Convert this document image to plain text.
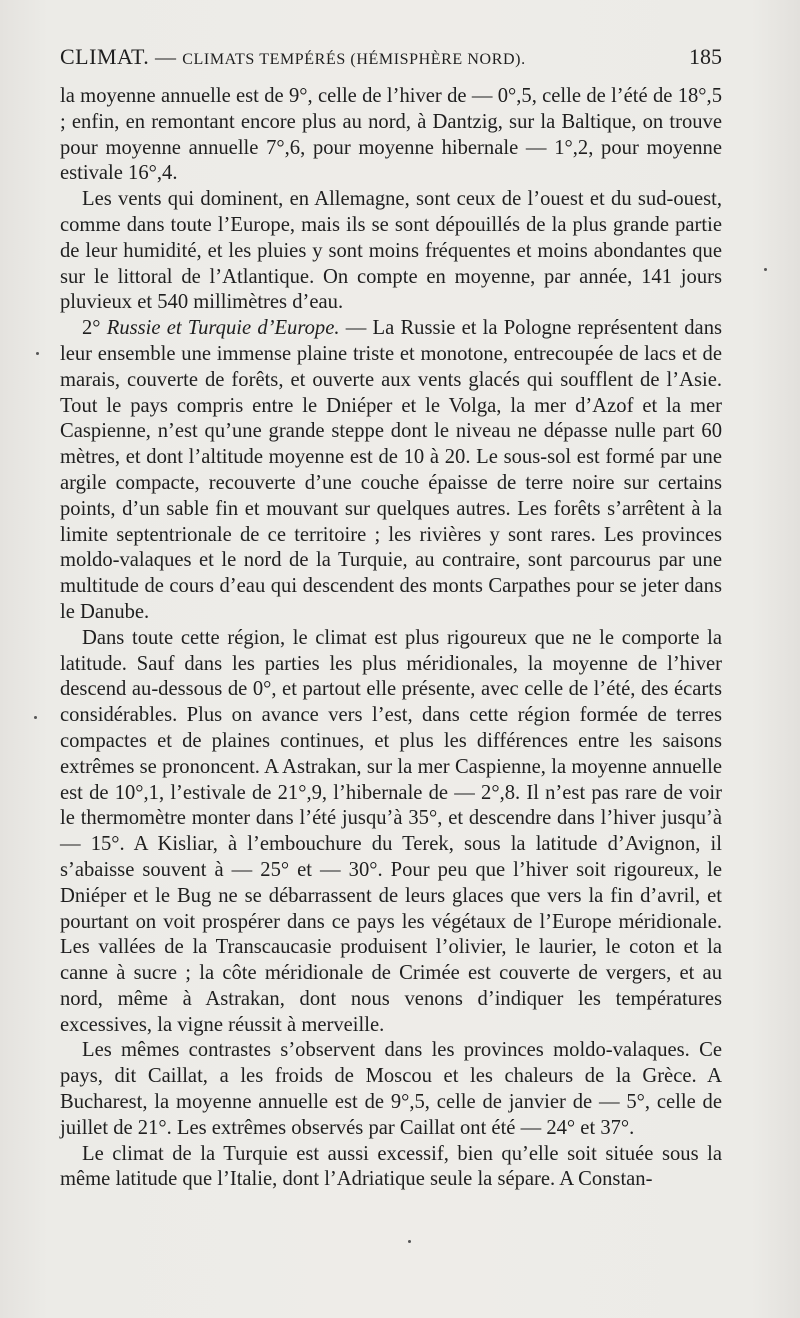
CLIMAT. — CLIMATS TEMPÉRÉS (HÉMISPHÈRE NORD).	185

la moyenne annuelle est de 9°, celle de l’hiver de — 0°,5, celle de l’été de 18°,5 ; enfin, en remontant encore plus au nord, à Dantzig, sur la Baltique, on trouve pour moyenne annuelle 7°,6, pour moyenne hibernale — 1°,2, pour moyenne estivale 16°,4.

Les vents qui dominent, en Allemagne, sont ceux de l’ouest et du sud-ouest, comme dans toute l’Europe, mais ils se sont dépouillés de la plus grande partie de leur humidité, et les pluies y sont moins fréquentes et moins abondantes que sur le littoral de l’Atlantique. On compte en moyenne, par année, 141 jours pluvieux et 540 millimètres d’eau.

2° Russie et Turquie d’Europe. — La Russie et la Pologne représentent dans leur ensemble une immense plaine triste et monotone, entrecoupée de lacs et de marais, couverte de forêts, et ouverte aux vents glacés qui soufflent de l’Asie. Tout le pays compris entre le Dniéper et le Volga, la mer d’Azof et la mer Caspienne, n’est qu’une grande steppe dont le niveau ne dépasse nulle part 60 mètres, et dont l’altitude moyenne est de 10 à 20. Le sous-sol est formé par une argile compacte, recouverte d’une couche épaisse de terre noire sur certains points, d’un sable fin et mouvant sur quelques autres. Les forêts s’arrêtent à la limite septentrionale de ce territoire ; les rivières y sont rares. Les provinces moldo-valaques et le nord de la Turquie, au contraire, sont parcourus par une multitude de cours d’eau qui descendent des monts Carpathes pour se jeter dans le Danube.

Dans toute cette région, le climat est plus rigoureux que ne le comporte la latitude. Sauf dans les parties les plus méridionales, la moyenne de l’hiver descend au-dessous de 0°, et partout elle présente, avec celle de l’été, des écarts considérables. Plus on avance vers l’est, dans cette région formée de terres compactes et de plaines continues, et plus les différences entre les saisons extrêmes se prononcent. A Astrakan, sur la mer Caspienne, la moyenne annuelle est de 10°,1, l’estivale de 21°,9, l’hibernale de — 2°,8. Il n’est pas rare de voir le thermomètre monter dans l’été jusqu’à 35°, et descendre dans l’hiver jusqu’à — 15°. A Kisliar, à l’embouchure du Terek, sous la latitude d’Avignon, il s’abaisse souvent à — 25° et — 30°. Pour peu que l’hiver soit rigoureux, le Dniéper et le Bug ne se débarrassent de leurs glaces que vers la fin d’avril, et pourtant on voit prospérer dans ce pays les végétaux de l’Europe méridionale. Les vallées de la Transcaucasie produisent l’olivier, le laurier, le coton et la canne à sucre ; la côte méridionale de Crimée est couverte de vergers, et au nord, même à Astrakan, dont nous venons d’indiquer les températures excessives, la vigne réussit à merveille.

Les mêmes contrastes s’observent dans les provinces moldo-valaques. Ce pays, dit Caillat, a les froids de Moscou et les chaleurs de la Grèce. A Bucharest, la moyenne annuelle est de 9°,5, celle de janvier de — 5°, celle de juillet de 21°. Les extrêmes observés par Caillat ont été — 24° et 37°.

Le climat de la Turquie est aussi excessif, bien qu’elle soit située sous la même latitude que l’Italie, dont l’Adriatique seule la sépare. A Constan-
